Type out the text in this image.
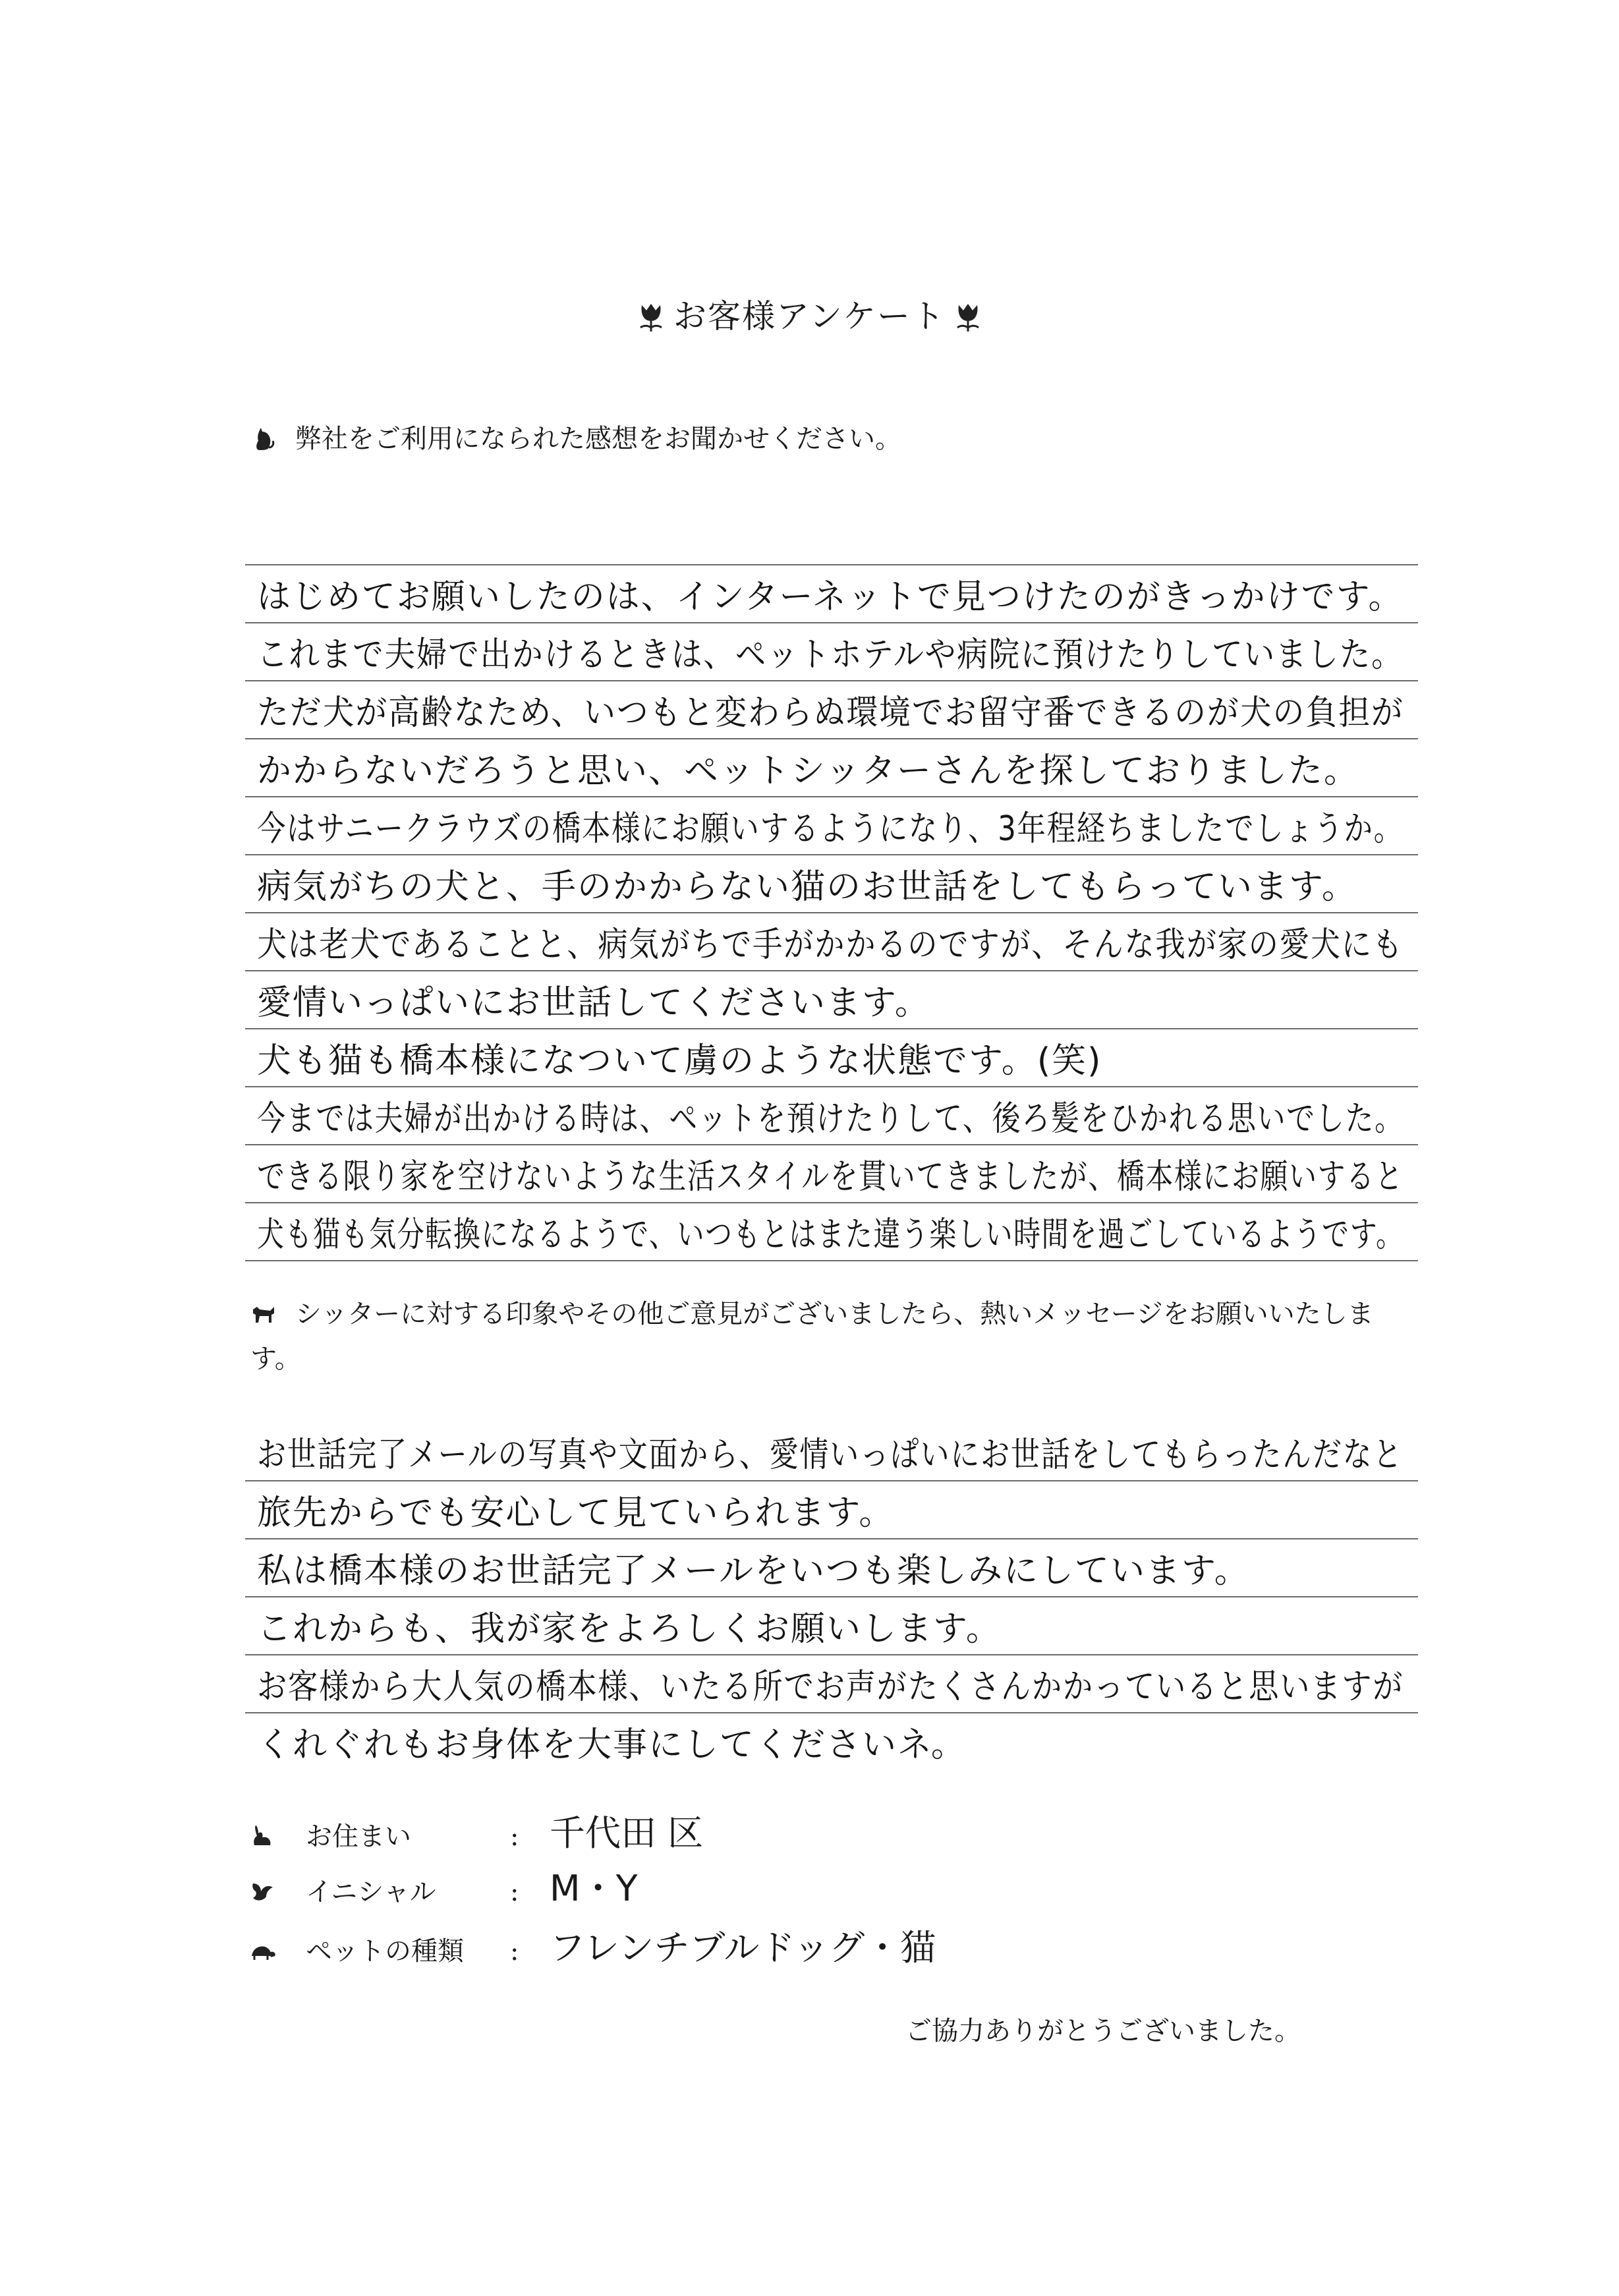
お客様アンケート
弊社をご利用になられた感想をお聞かせください。
はじめてお願いしたのは、インターネットで見つけたのがきっかけです。
これまで夫婦で出かけるときは、ペットホテルや病院に預けたりしていました。
ただ犬が高齢なため、いつもと変わらぬ環境でお留守番できるのが犬の負担が
かからないだろうと思い、ペットシッターさんを探しておりました。
今はサニークラウズの橋本様にお願いするようになり、3年程経ちましたでしょうか。
病気がちの犬と、手のかからない猫のお世話をしてもらっています。
犬は老犬であることと、病気がちで手がかかるのですが、そんな我が家の愛犬にも
愛情いっぱいにお世話してくださいます。
犬も猫も橋本様になついて虜のような状態です。(笑)
今までは夫婦が出かける時は、ペットを預けたりして、後ろ髪をひかれる思いでした。
できる限り家を空けないような生活スタイルを貫いてきましたが、橋本様にお願いすると
犬も猫も気分転換になるようで、いつもとはまた違う楽しい時間を過ごしているようです。
シッターに対する印象やその他ご意見がございましたら、熱いメッセージをお願いいたします。
お世話完了メールの写真や文面から、愛情いっぱいにお世話をしてもらったんだなと
旅先からでも安心して見ていられます。
私は橋本様のお世話完了メールをいつも楽しみにしています。
これからも、我が家をよろしくお願いします。
お客様から大人気の橋本様、いたる所でお声がたくさんかかっていると思いますが
くれぐれもお身体を大事にしてくださいネ。
お住まい	: 千代田 区
イニシャル	: M・Y
ペットの種類 : フレンチブルドッグ・猫
ご協力ありがとうございました。
